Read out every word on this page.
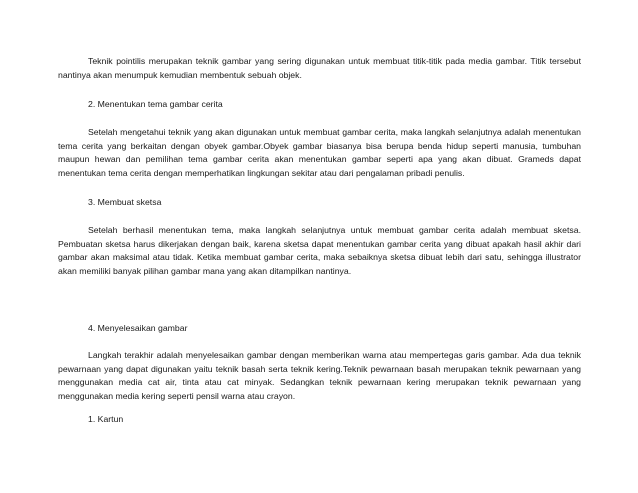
Teknik pointilis merupakan teknik gambar yang sering digunakan untuk membuat titik-titik pada media gambar. Titik tersebut nantinya akan menumpuk kemudian membentuk sebuah objek.

2. Menentukan tema gambar cerita

Setelah mengetahui teknik yang akan digunakan untuk membuat gambar cerita, maka langkah selanjutnya adalah menentukan tema cerita yang berkaitan dengan obyek gambar.Obyek gambar biasanya bisa berupa benda hidup seperti manusia, tumbuhan maupun hewan dan pemilihan tema gambar cerita akan menentukan gambar seperti apa yang akan dibuat. Grameds dapat menentukan tema cerita dengan memperhatikan lingkungan sekitar atau dari pengalaman pribadi penulis.

3. Membuat sketsa

Setelah berhasil menentukan tema, maka langkah selanjutnya untuk membuat gambar cerita adalah membuat sketsa. Pembuatan sketsa harus dikerjakan dengan baik, karena sketsa dapat menentukan gambar cerita yang dibuat apakah hasil akhir dari gambar akan maksimal atau tidak. Ketika membuat gambar cerita, maka sebaiknya sketsa dibuat lebih dari satu, sehingga illustrator akan memiliki banyak pilihan gambar mana yang akan ditampilkan nantinya.

4. Menyelesaikan gambar

Langkah terakhir adalah menyelesaikan gambar dengan memberikan warna atau mempertegas garis gambar. Ada dua teknik pewarnaan yang dapat digunakan yaitu teknik basah serta teknik kering.Teknik pewarnaan basah merupakan teknik pewarnaan yang menggunakan media cat air, tinta atau cat minyak. Sedangkan teknik pewarnaan kering merupakan teknik pewarnaan yang menggunakan media kering seperti pensil warna atau crayon.

1. Kartun
